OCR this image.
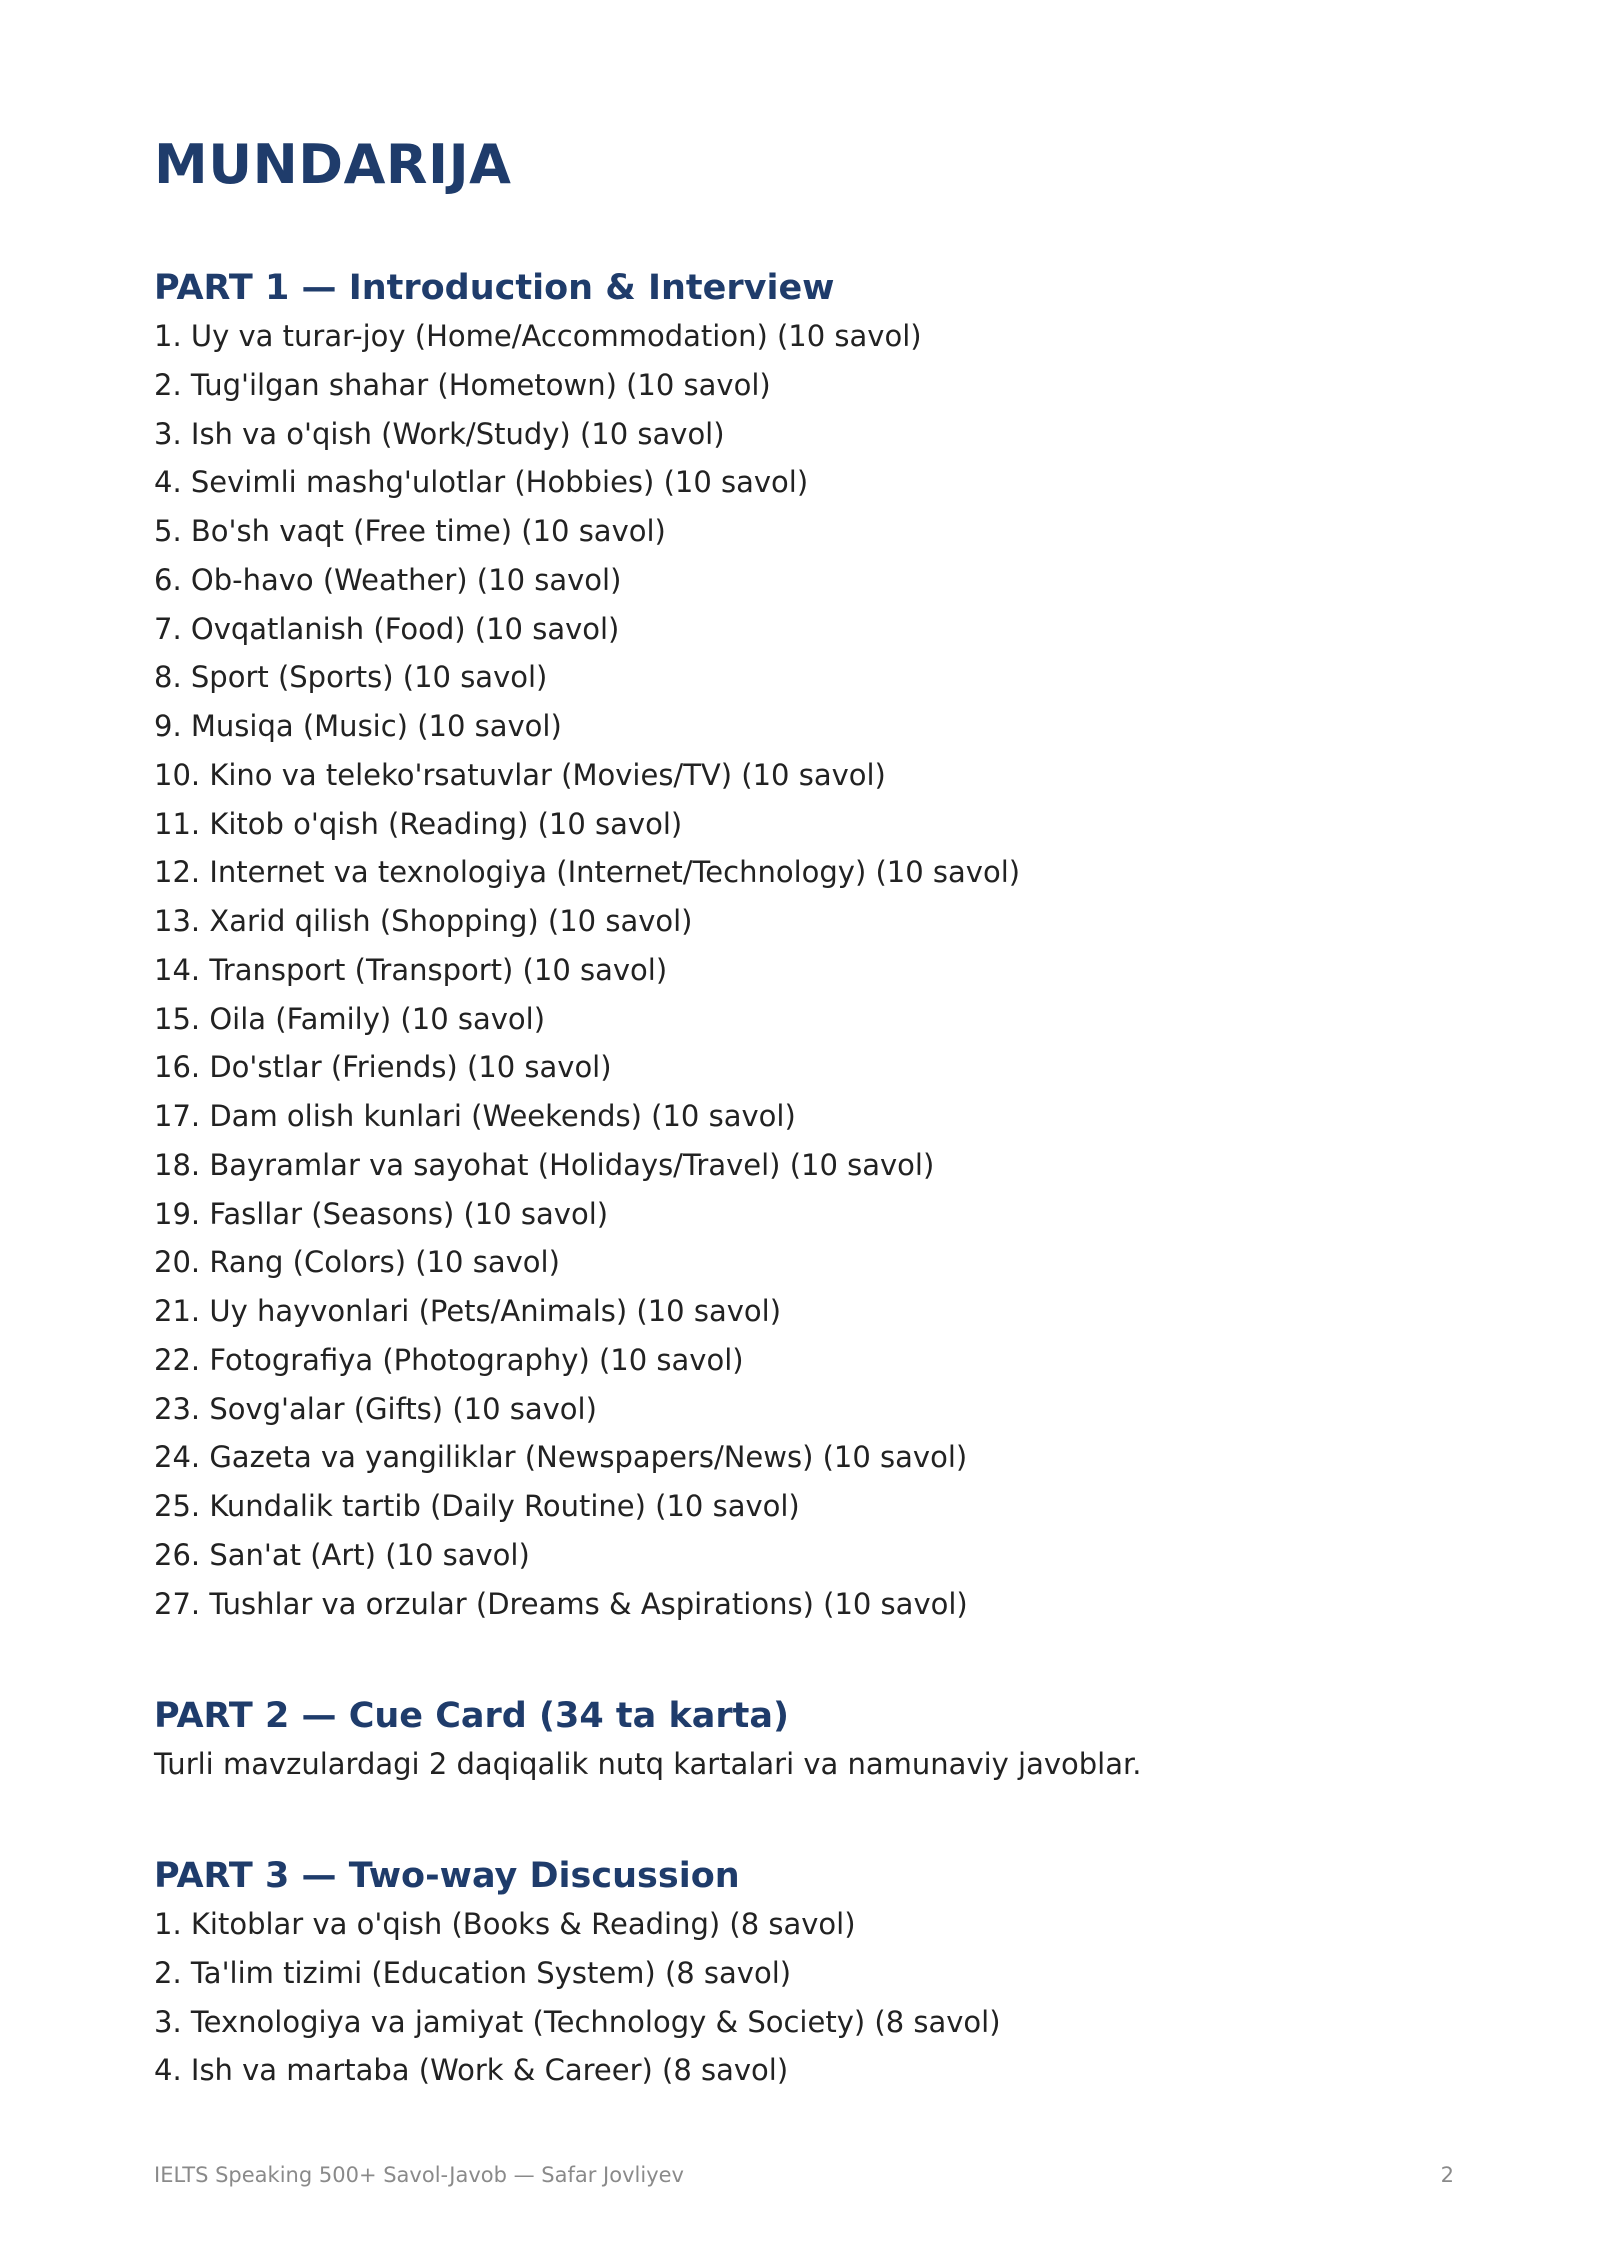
MUNDARIJA
PART 1 — Introduction & Interview
1. Uy va turar-joy (Home/Accommodation) (10 savol)
2. Tug'ilgan shahar (Hometown) (10 savol)
3. Ish va o'qish (Work/Study) (10 savol)
4. Sevimli mashg'ulotlar (Hobbies) (10 savol)
5. Bo'sh vaqt (Free time) (10 savol)
6. Ob-havo (Weather) (10 savol)
7. Ovqatlanish (Food) (10 savol)
8. Sport (Sports) (10 savol)
9. Musiqa (Music) (10 savol)
10. Kino va teleko'rsatuvlar (Movies/TV) (10 savol)
11. Kitob o'qish (Reading) (10 savol)
12. Internet va texnologiya (Internet/Technology) (10 savol)
13. Xarid qilish (Shopping) (10 savol)
14. Transport (Transport) (10 savol)
15. Oila (Family) (10 savol)
16. Do'stlar (Friends) (10 savol)
17. Dam olish kunlari (Weekends) (10 savol)
18. Bayramlar va sayohat (Holidays/Travel) (10 savol)
19. Fasllar (Seasons) (10 savol)
20. Rang (Colors) (10 savol)
21. Uy hayvonlari (Pets/Animals) (10 savol)
22. Fotografiya (Photography) (10 savol)
23. Sovg'alar (Gifts) (10 savol)
24. Gazeta va yangiliklar (Newspapers/News) (10 savol)
25. Kundalik tartib (Daily Routine) (10 savol)
26. San'at (Art) (10 savol)
27. Tushlar va orzular (Dreams & Aspirations) (10 savol)
PART 2 — Cue Card (34 ta karta)

Turli mavzulardagi 2 daqiqalik nutq kartalari va namunaviy javoblar.

PART 3 — Two-way Discussion
1. Kitoblar va o'qish (Books & Reading) (8 savol)
2. Ta'lim tizimi (Education System) (8 savol)
3. Texnologiya va jamiyat (Technology & Society) (8 savol)
4. Ish va martaba (Work & Career) (8 savol)
IELTS Speaking 500+ Savol-Javob — Safar Jovliyev	2
